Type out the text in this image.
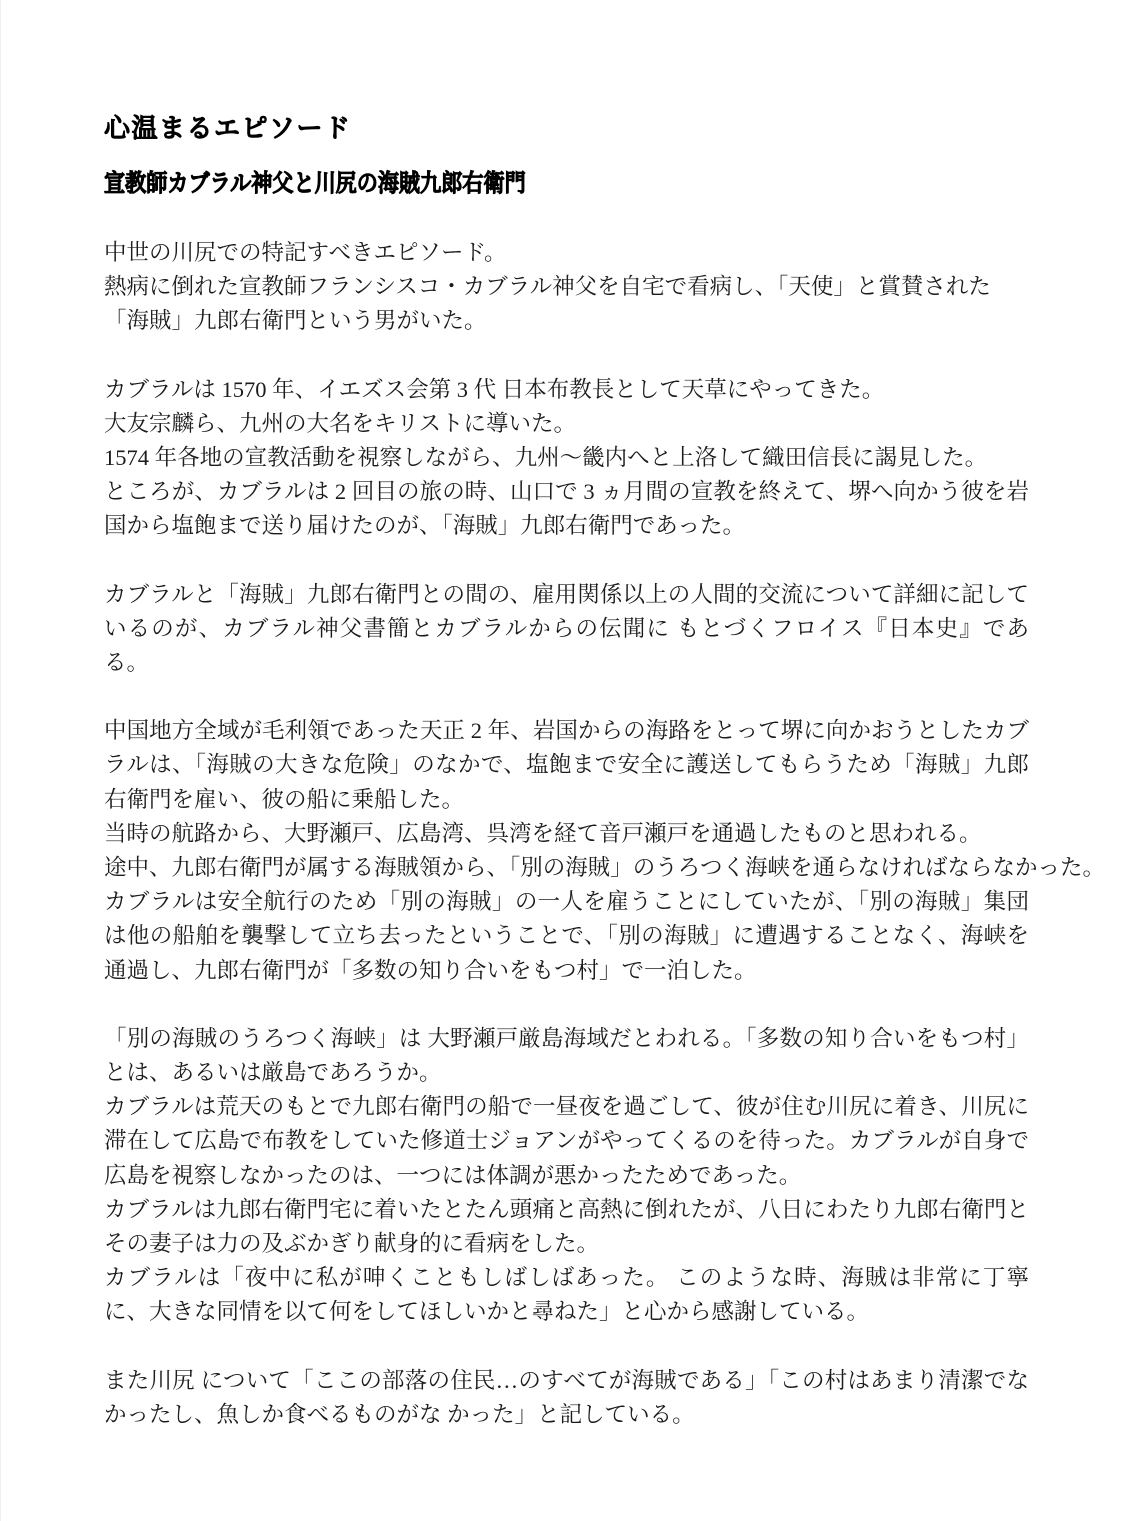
心温まるエピソード
宣教師カブラル神父と川尻の海賊九郎右衛門
中世の川尻での特記すべきエピソード。
熱病に倒れた宣教師フランシスコ・カブラル神父を自宅で看病し、「天使」と賞賛された
「海賊」九郎右衛門という男がいた。
カブラルは 1570 年、イエズス会第 3 代 日本布教長として天草にやってきた。
大友宗麟ら、九州の大名をキリストに導いた。
1574 年各地の宣教活動を視察しながら、九州〜畿内へと上洛して織田信長に謁見した。
ところが、カブラルは 2 回目の旅の時、山口で 3 ヵ月間の宣教を終えて、堺へ向かう彼を岩国から塩飽まで送り届けたのが、「海賊」九郎右衛門であった。
カブラルと「海賊」九郎右衛門との間の、雇用関係以上の人間的交流について詳細に記しているのが、カブラル神父書簡とカブラルからの伝聞に もとづくフロイス『日本史』である。
中国地方全域が毛利領であった天正 2 年、岩国からの海路をとって堺に向かおうとしたカブラルは、「海賊の大きな危険」のなかで、塩飽まで安全に護送してもらうため「海賊」九郎右衛門を雇い、彼の船に乗船した。
当時の航路から、大野瀬戸、広島湾、呉湾を経て音戸瀬戸を通過したものと思われる。
途中、九郎右衛門が属する海賊領から、「別の海賊」のうろつく海峡を通らなければならなかった。
カブラルは安全航行のため「別の海賊」の一人を雇うことにしていたが、「別の海賊」集団は他の船舶を襲撃して立ち去ったということで、「別の海賊」に遭遇することなく、海峡を通過し、九郎右衛門が「多数の知り合いをもつ村」で一泊した。
「別の海賊のうろつく海峡」は 大野瀬戸厳島海域だとわれる。「多数の知り合いをもつ村」とは、あるいは厳島であろうか。
カブラルは荒天のもとで九郎右衛門の船で一昼夜を過ごして、彼が住む川尻に着き、川尻に滞在して広島で布教をしていた修道士ジョアンがやってくるのを待った。カブラルが自身で広島を視察しなかったのは、一つには体調が悪かったためであった。
カブラルは九郎右衛門宅に着いたとたん頭痛と高熱に倒れたが、八日にわたり九郎右衛門とその妻子は力の及ぶかぎり献身的に看病をした。
カブラルは「夜中に私が呻くこともしばしばあった。 このような時、海賊は非常に丁寧に、大きな同情を以て何をしてほしいかと尋ねた」と心から感謝している。
また川尻 について「ここの部落の住民…のすべてが海賊である」「この村はあまり清潔でなかったし、魚しか食べるものがな かった」と記している。
